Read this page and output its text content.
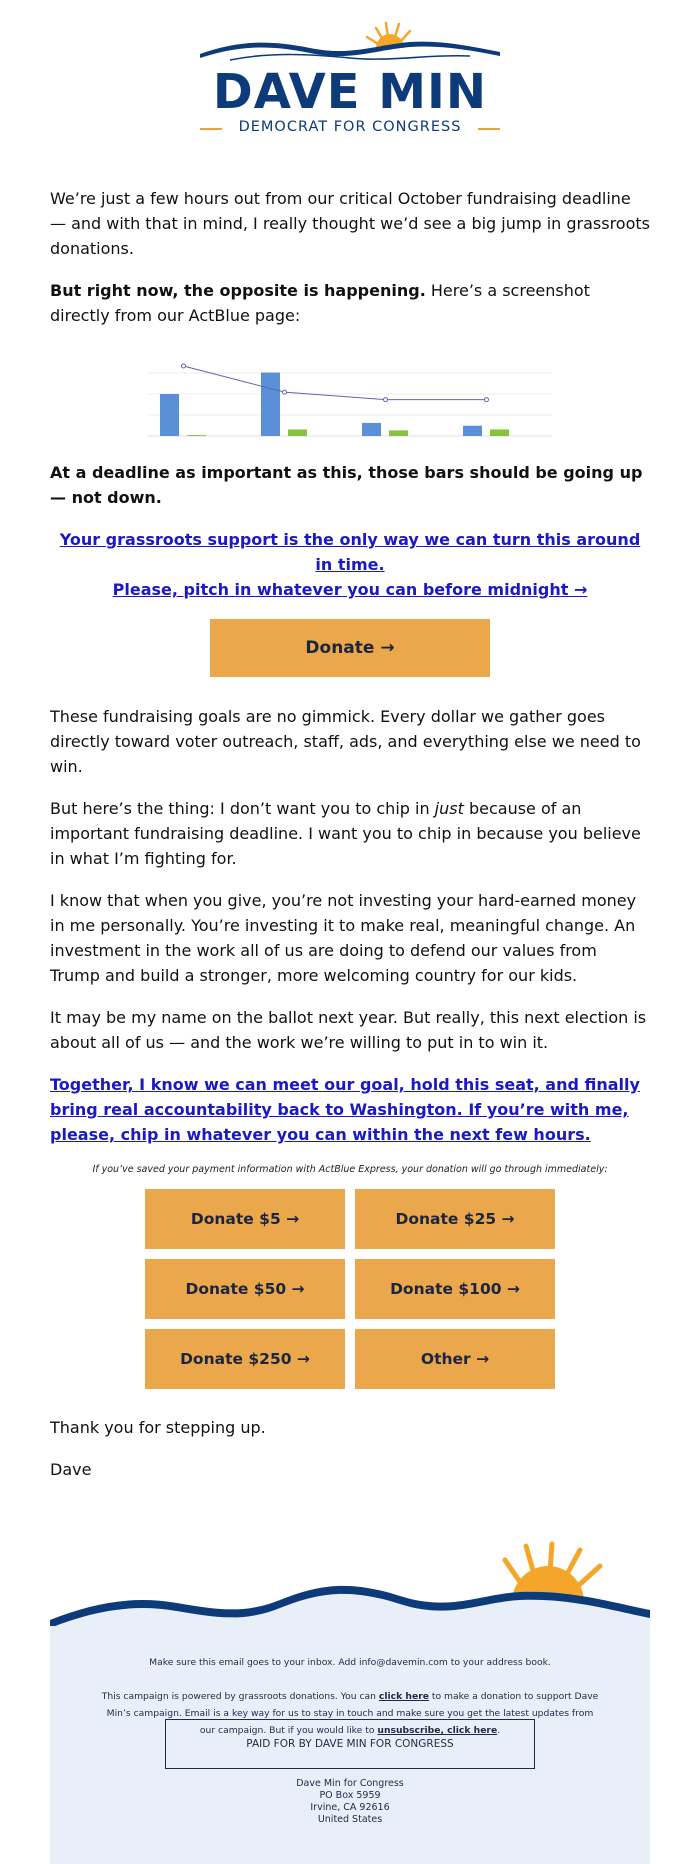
DAVE MIN
DEMOCRAT FOR CONGRESS

We’re just a few hours out from our critical October fundraising deadline — and with that in mind, I really thought we’d see a big jump in grassroots donations.

But right now, the opposite is happening. Here’s a screenshot directly from our ActBlue page:

At a deadline as important as this, those bars should be going up — not down.

Your grassroots support is the only way we can turn this around in time.
Please, pitch in whatever you can before midnight →

Donate →

These fundraising goals are no gimmick. Every dollar we gather goes directly toward voter outreach, staff, ads, and everything else we need to win.

But here’s the thing: I don’t want you to chip in just because of an important fundraising deadline. I want you to chip in because you believe in what I’m fighting for.

I know that when you give, you’re not investing your hard-earned money in me personally. You’re investing it to make real, meaningful change. An investment in the work all of us are doing to defend our values from Trump and build a stronger, more welcoming country for our kids.

It may be my name on the ballot next year. But really, this next election is about all of us — and the work we’re willing to put in to win it.

Together, I know we can meet our goal, hold this seat, and finally bring real accountability back to Washington. If you’re with me, please, chip in whatever you can within the next few hours.

If you’ve saved your payment information with ActBlue Express, your donation will go through immediately:
Donate $5 →	Donate $25 →
Donate $50 →	Donate $100 →
Donate $250 →	Other →

Thank you for stepping up.

Dave

Make sure this email goes to your inbox. Add info@davemin.com to your address book.
This campaign is powered by grassroots donations. You can click here to make a donation to support Dave
Min’s campaign. Email is a key way for us to stay in touch and make sure you get the latest updates from
our campaign. But if you would like to unsubscribe, click here.
PAID FOR BY DAVE MIN FOR CONGRESS
Dave Min for Congress
PO Box 5959
Irvine, CA 92616
United States
